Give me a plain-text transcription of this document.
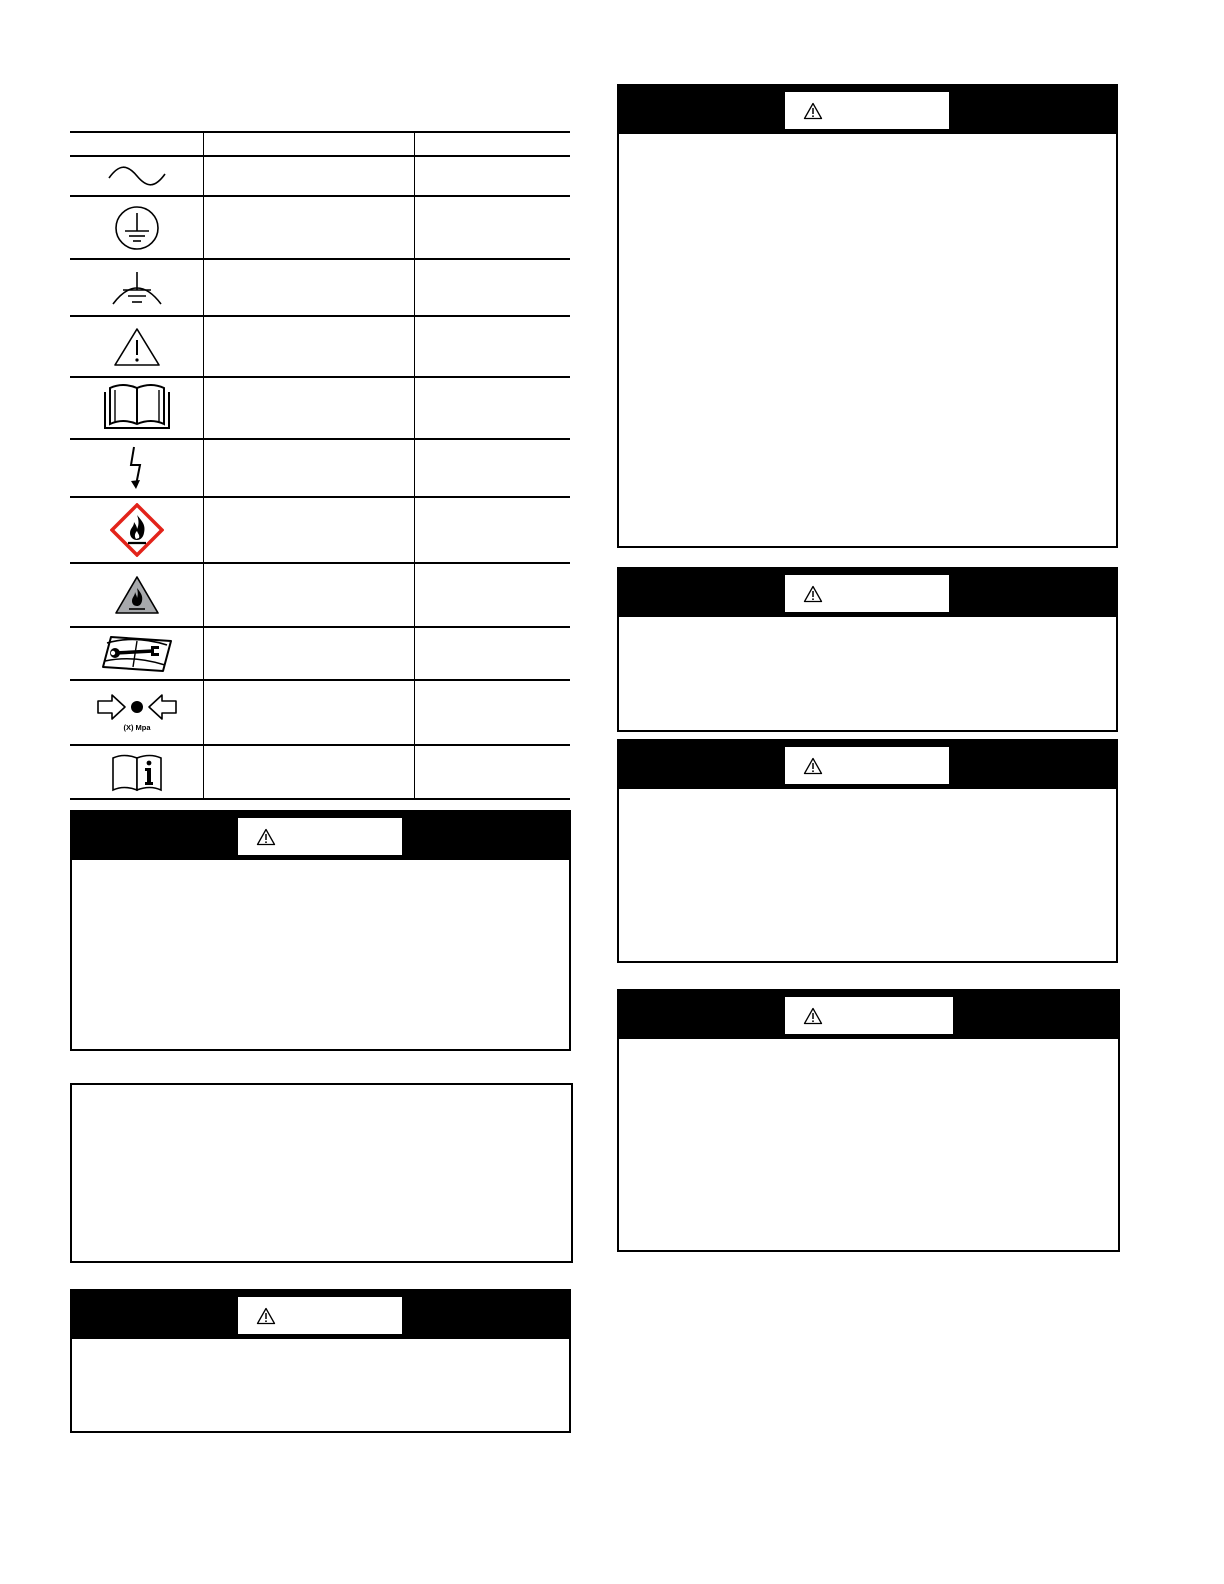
(X) Mpa
